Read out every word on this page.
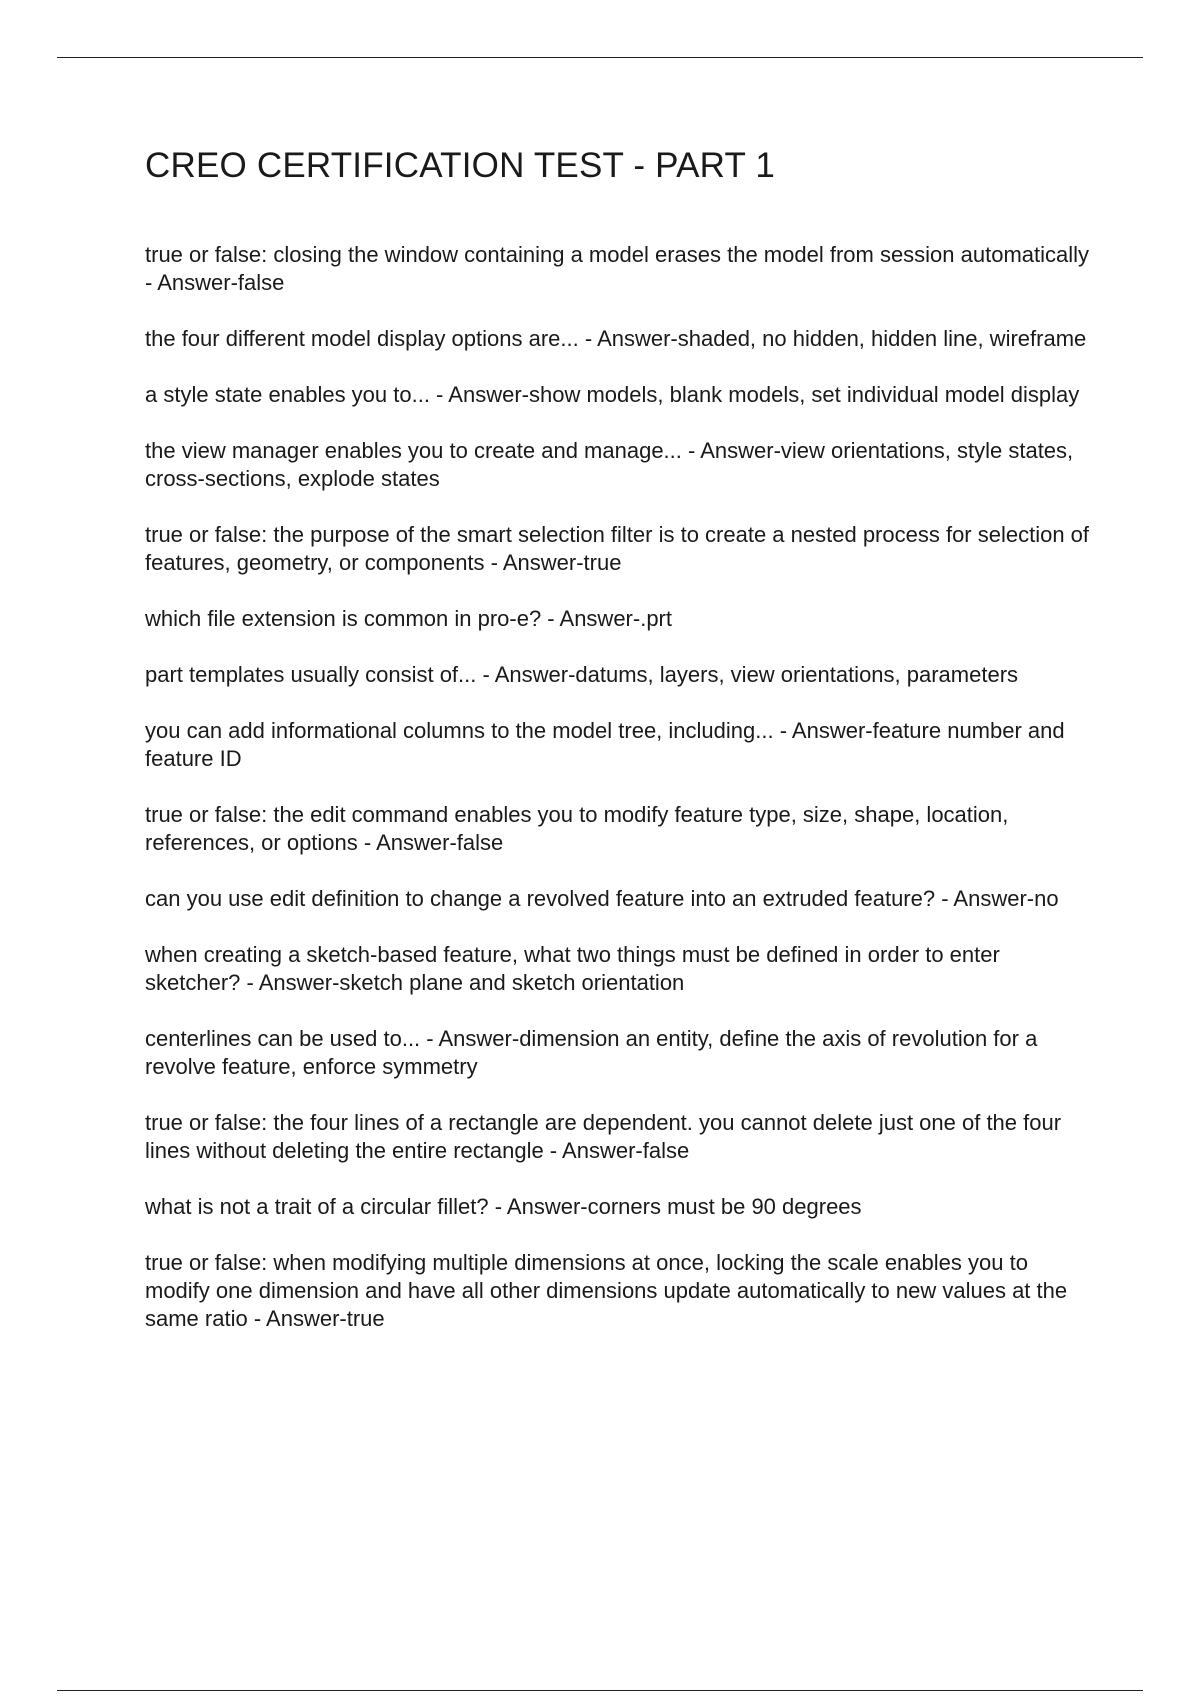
CREO CERTIFICATION TEST - PART 1
true or false: closing the window containing a model erases the model from session automatically - Answer-false
the four different model display options are... - Answer-shaded, no hidden, hidden line, wireframe
a style state enables you to... - Answer-show models, blank models, set individual model display
the view manager enables you to create and manage... - Answer-view orientations, style states, cross-sections, explode states
true or false: the purpose of the smart selection filter is to create a nested process for selection of features, geometry, or components - Answer-true
which file extension is common in pro-e? - Answer-.prt
part templates usually consist of... - Answer-datums, layers, view orientations, parameters
you can add informational columns to the model tree, including... - Answer-feature number and feature ID
true or false: the edit command enables you to modify feature type, size, shape, location, references, or options - Answer-false
can you use edit definition to change a revolved feature into an extruded feature? - Answer-no
when creating a sketch-based feature, what two things must be defined in order to enter sketcher? - Answer-sketch plane and sketch orientation
centerlines can be used to... - Answer-dimension an entity, define the axis of revolution for a revolve feature, enforce symmetry
true or false: the four lines of a rectangle are dependent. you cannot delete just one of the four lines without deleting the entire rectangle - Answer-false
what is not a trait of a circular fillet? - Answer-corners must be 90 degrees
true or false: when modifying multiple dimensions at once, locking the scale enables you to modify one dimension and have all other dimensions update automatically to new values at the same ratio - Answer-true
